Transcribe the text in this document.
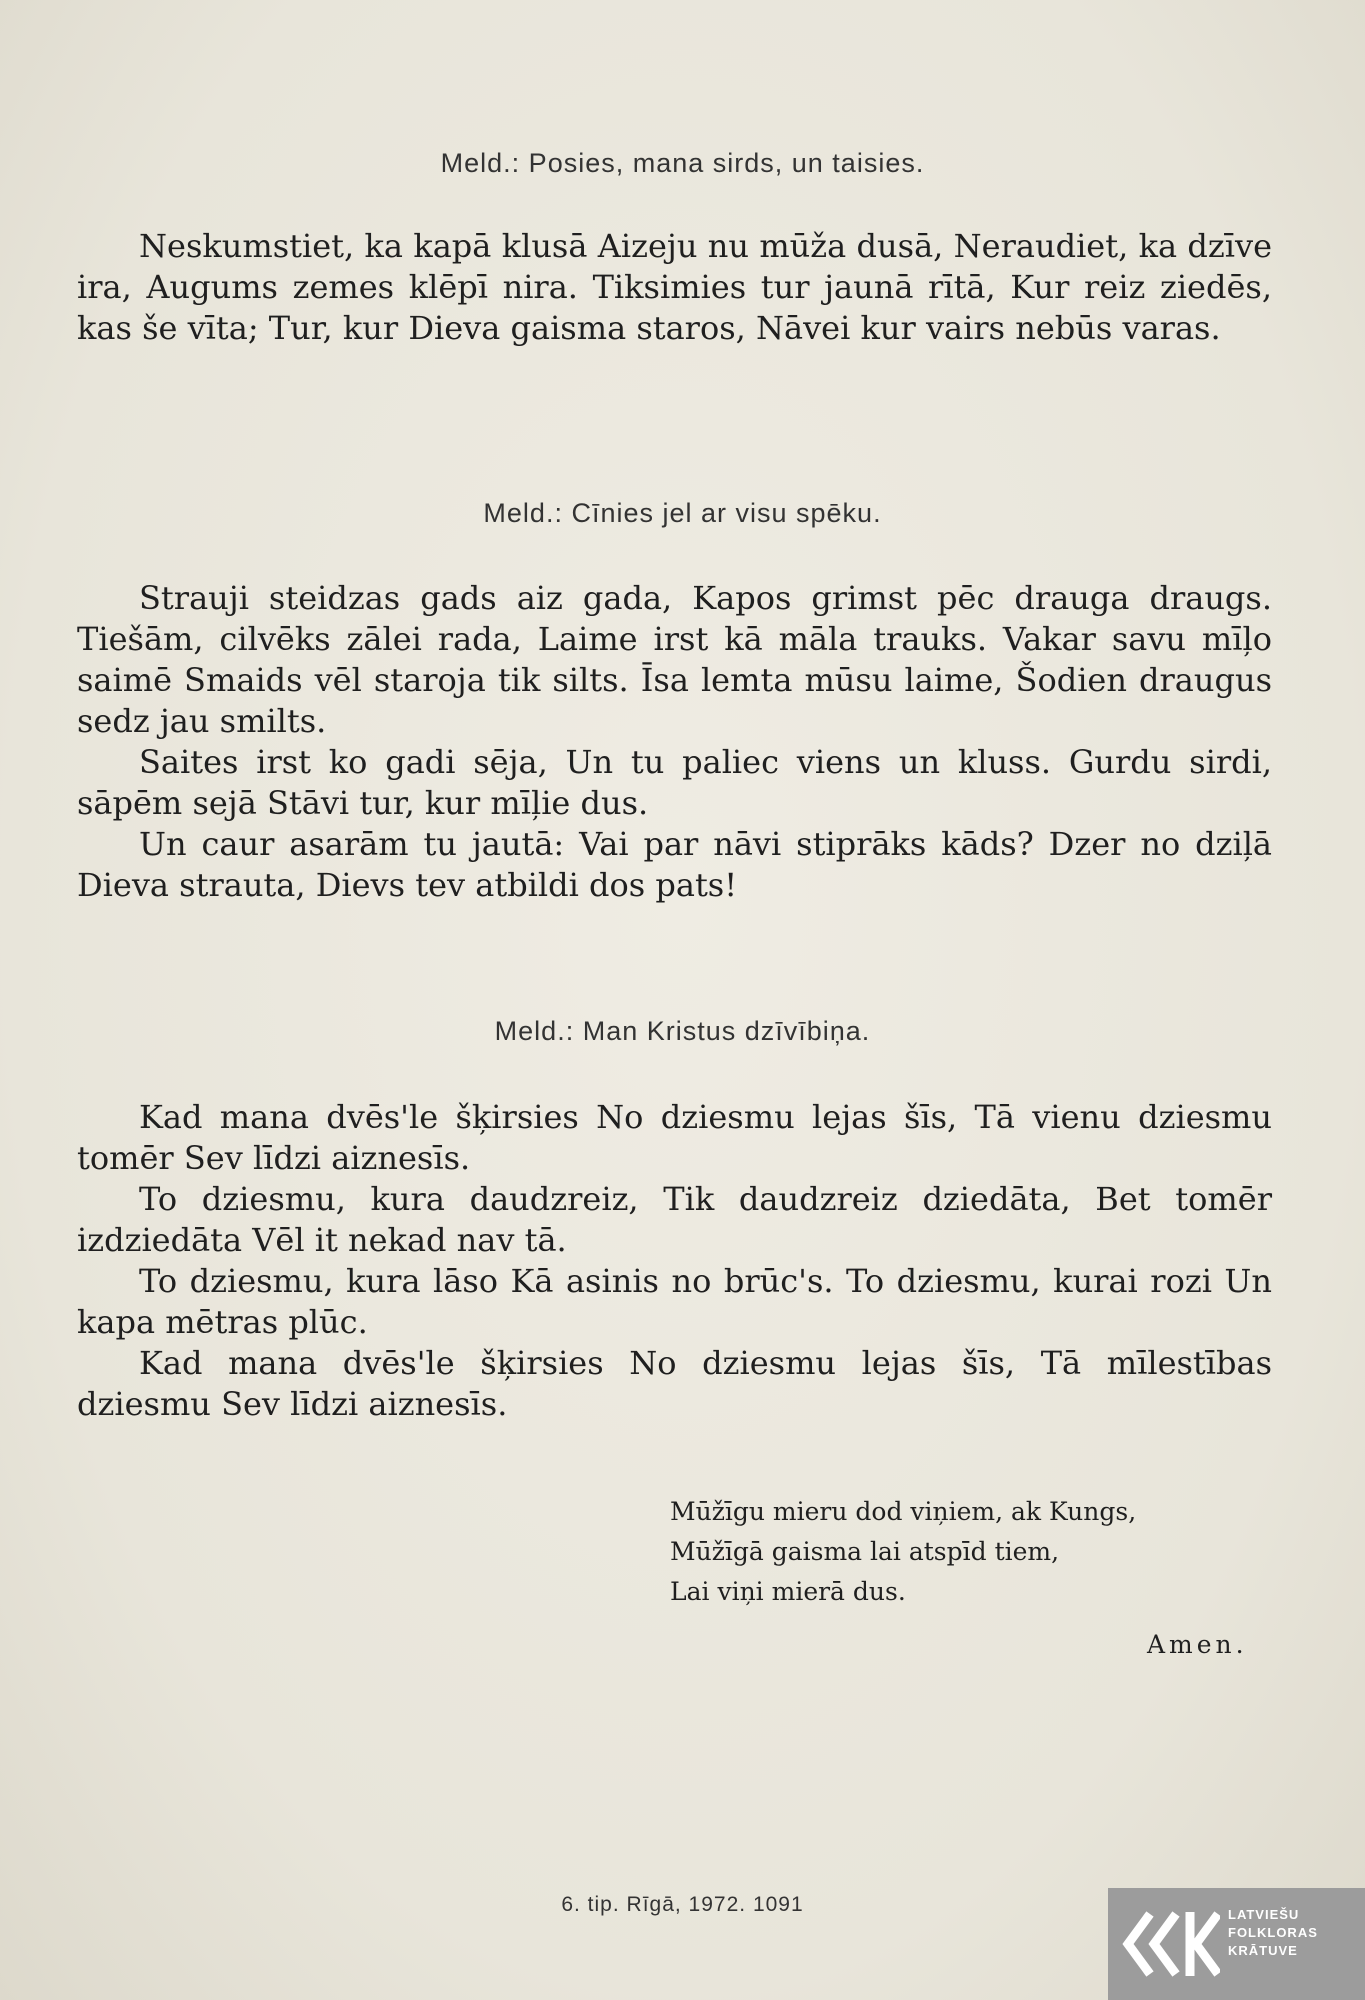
Meld.: Posies, mana sirds, un taisies.

Neskumstiet, ka kapā klusā Aizeju nu mūža dusā, Neraudiet, ka dzīve ira, Augums zemes klēpī nira. Tiksimies tur jaunā rītā, Kur reiz ziedēs, kas še vīta; Tur, kur Dieva gaisma staros, Nāvei kur vairs nebūs varas.

Meld.: Cīnies jel ar visu spēku.

Strauji steidzas gads aiz gada, Kapos grimst pēc drauga draugs. Tiešām, cilvēks zālei rada, Laime irst kā māla trauks. Vakar savu mīļo saimē Smaids vēl staroja tik silts. Īsa lemta mūsu laime, Šodien draugus sedz jau smilts.

Saites irst ko gadi sēja, Un tu paliec viens un kluss. Gurdu sirdi, sāpēm sejā Stāvi tur, kur mīļie dus.

Un caur asarām tu jautā: Vai par nāvi stiprāks kāds? Dzer no dziļā Dieva strauta, Dievs tev atbildi dos pats!

Meld.: Man Kristus dzīvībiņa.

Kad mana dvēs'le šķirsies No dziesmu lejas šīs, Tā vienu dziesmu tomēr Sev līdzi aiznesīs.

To dziesmu, kura daudzreiz, Tik daudzreiz dziedāta, Bet tomēr izdziedāta Vēl it nekad nav tā.

To dziesmu, kura lāso Kā asinis no brūc's. To dziesmu, kurai rozi Un kapa mētras plūc.

Kad mana dvēs'le šķirsies No dziesmu lejas šīs, Tā mīlestības dziesmu Sev līdzi aiznesīs.

Mūžīgu mieru dod viņiem, ak Kungs,
Mūžīgā gaisma lai atspīd tiem,
Lai viņi mierā dus.
Amen.
6. tip. Rīgā, 1972. 1091	LATVIEŠU
FOLKLORAS
KRĀTUVE
